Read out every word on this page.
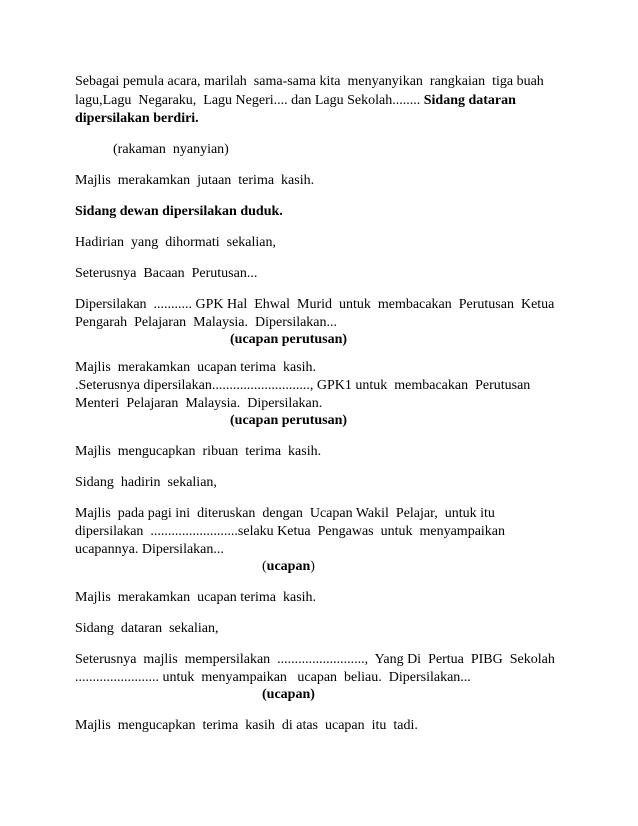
Sebagai pemula acara, marilah  sama-sama kita  menyanyikan  rangkaian  tiga buah
lagu,Lagu  Negaraku,  Lagu Negeri.... dan Lagu Sekolah........ Sidang dataran
dipersilakan berdiri.
(rakaman  nyanyian)
Majlis  merakamkan  jutaan  terima  kasih.
Sidang dewan dipersilakan duduk.
Hadirian  yang  dihormati  sekalian,
Seterusnya  Bacaan  Perutusan...
Dipersilakan  ........... GPK Hal  Ehwal  Murid  untuk  membacakan  Perutusan  Ketua
Pengarah  Pelajaran  Malaysia.  Dipersilakan...
(ucapan perutusan)
Majlis  merakamkan  ucapan terima  kasih.
.Seterusnya dipersilakan............................, GPK1 untuk  membacakan  Perutusan
Menteri  Pelajaran  Malaysia.  Dipersilakan.
(ucapan perutusan)
Majlis  mengucapkan  ribuan  terima  kasih.
Sidang  hadirin  sekalian,
Majlis  pada pagi ini  diteruskan  dengan  Ucapan Wakil  Pelajar,  untuk itu
dipersilakan  .........................selaku Ketua  Pengawas  untuk  menyampaikan
ucapannya. Dipersilakan...
(ucapan)
Majlis  merakamkan  ucapan terima  kasih.
Sidang  dataran  sekalian,
Seterusnya  majlis  mempersilakan  .........................,  Yang Di  Pertua  PIBG  Sekolah
........................ untuk  menyampaikan   ucapan  beliau.  Dipersilakan...
(ucapan)
Majlis  mengucapkan  terima  kasih  di atas  ucapan  itu  tadi.
